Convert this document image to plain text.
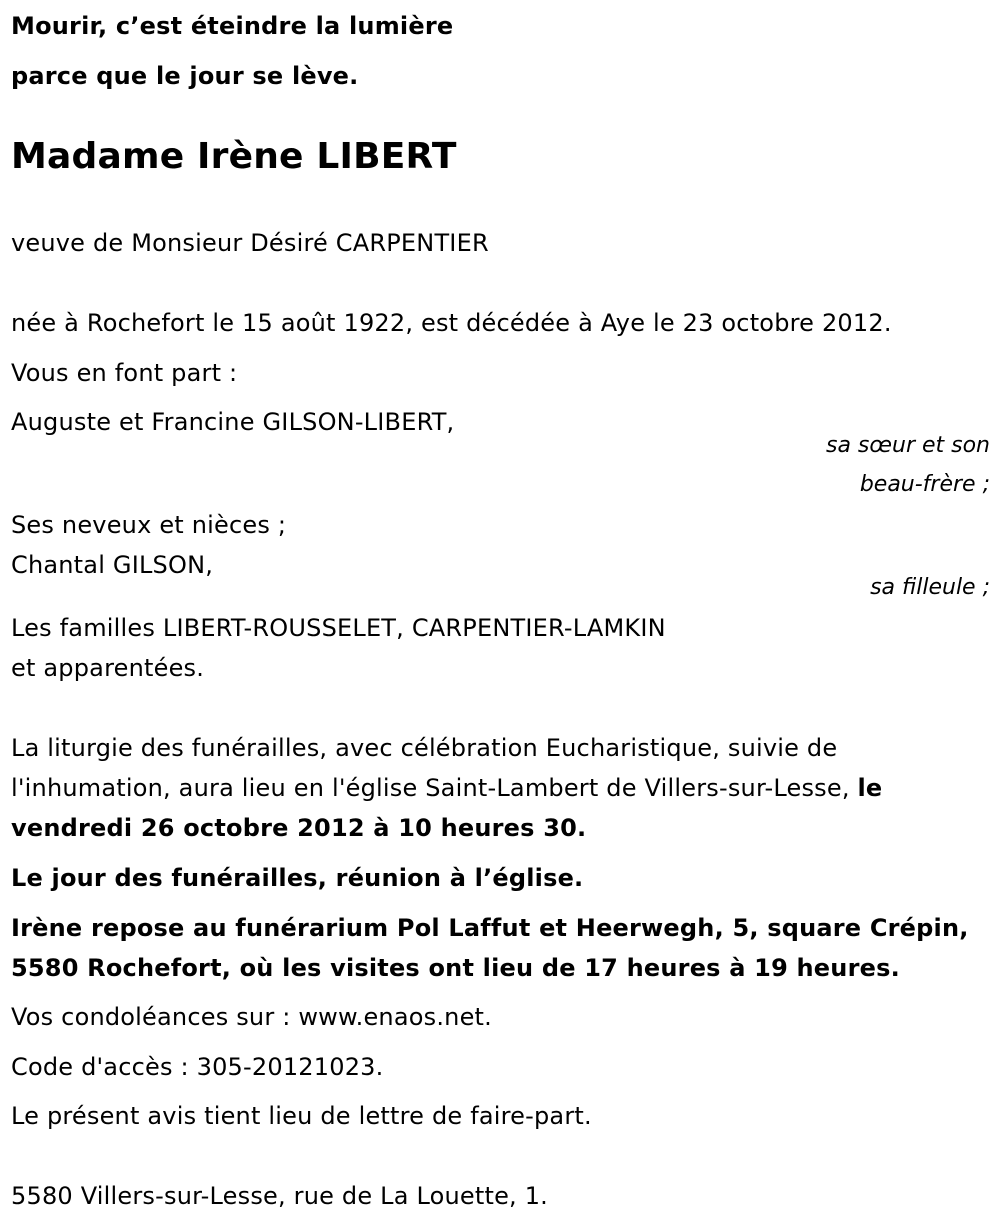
Mourir, c’est éteindre la lumière
parce que le jour se lève.
Madame Irène LIBERT
veuve de Monsieur Désiré CARPENTIER
née à Rochefort le 15 août 1922, est décédée à Aye le 23 octobre 2012.
Vous en font part :
Auguste et Francine GILSON-LIBERT,
sa sœur et son
beau-frère ;
Ses neveux et nièces ;
Chantal GILSON,
sa filleule ;
Les familles LIBERT-ROUSSELET, CARPENTIER-LAMKIN
et apparentées.
La liturgie des funérailles, avec célébration Eucharistique, suivie de
l'inhumation, aura lieu en l'église Saint-Lambert de Villers-sur-Lesse, le
vendredi 26 octobre 2012 à 10 heures 30.
Le jour des funérailles, réunion à l’église.
Irène repose au funérarium Pol Laffut et Heerwegh, 5, square Crépin,
5580 Rochefort, où les visites ont lieu de 17 heures à 19 heures.
Vos condoléances sur : www.enaos.net.
Code d'accès : 305-20121023.
Le présent avis tient lieu de lettre de faire-part.
5580 Villers-sur-Lesse, rue de La Louette, 1.
